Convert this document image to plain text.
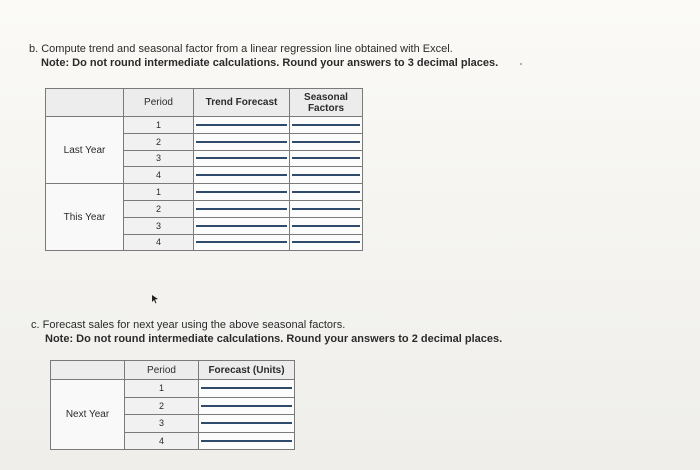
b. Compute trend and seasonal factor from a linear regression line obtained with Excel.
Note: Do not round intermediate calculations. Round your answers to 3 decimal places.
	Period	Trend Forecast	Seasonal
Factors

Last Year	1	

	2	

	3	

	4	

This Year	1	

	2	

	3	

	4	

c. Forecast sales for next year using the above seasonal factors.
Note: Do not round intermediate calculations. Round your answers to 2 decimal places.
	Period	Forecast (Units)
Next Year	1	

	2	

	3	

	4	
